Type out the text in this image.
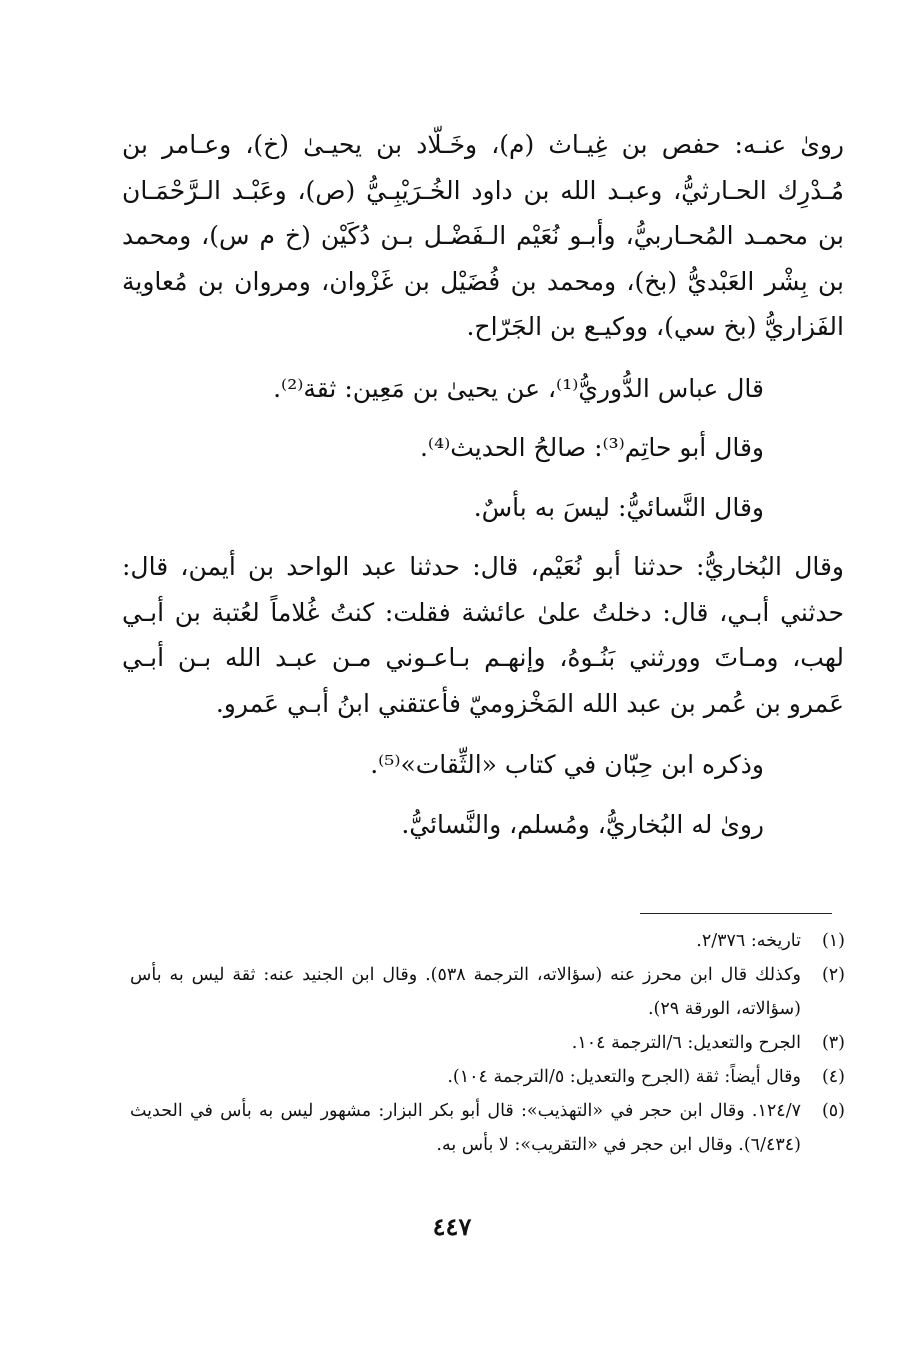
روىٰ عنـه: حفص بن غِيـاث (م)، وخَـلّاد بن يحيـىٰ (خ)، وعـامر بن مُـدْرِك الحـارثيُّ، وعبـد الله بن داود الخُـرَيْبِـيُّ (ص)، وعَبْـد الـرَّحْمَـان بن محمـد المُحـاربيُّ، وأبـو نُعَيْم الـفَضْـل بـن دُكَيْن (خ م س)، ومحمد بن بِشْر العَبْديُّ (بخ)، ومحمد بن فُضَيْل بن غَزْوان، ومروان بن مُعاوية الفَزاريُّ (بخ سي)، ووكيـع بن الجَرّاح.

قال عباس الدُّوريُّ⁽¹⁾، عن يحيىٰ بن مَعِين: ثقة⁽²⁾.

وقال أبو حاتِم⁽³⁾: صالحُ الحديث⁽⁴⁾.

وقال النَّسائيُّ: ليسَ به بأسٌ.

وقال البُخاريُّ: حدثنا أبو نُعَيْم، قال: حدثنا عبد الواحد بن أيمن، قال: حدثني أبـي، قال: دخلتُ علىٰ عائشة فقلت: كنتُ غُلاماً لعُتبة بن أبـي لهب، ومـاتَ وورثني بَنُـوهُ، وإنهـم بـاعـوني مـن عبـد الله بـن أبـي عَمرو بن عُمر بن عبد الله المَخْزوميّ فأعتقني ابنُ أبـي عَمرو.

وذكره ابن حِبّان في كتاب «الثِّقات»⁽⁵⁾.

روىٰ له البُخاريُّ، ومُسلم، والنَّسائيُّ.

(١)
تاريخه: ٢/٣٧٦.
(٢)
وكذلك قال ابن محرز عنه (سؤالاته، الترجمة ٥٣٨). وقال ابن الجنيد عنه: ثقة ليس به بأس (سؤالاته، الورقة ٢٩).
(٣)
الجرح والتعديل: ٦/الترجمة ١٠٤.
(٤)
وقال أيضاً: ثقة (الجرح والتعديل: ٥/الترجمة ١٠٤).
(٥)
١٢٤/٧. وقال ابن حجر في «التهذيب»: قال أبو بكر البزار: مشهور ليس به بأس في الحديث (٦/٤٣٤). وقال ابن حجر في «التقريب»: لا بأس به.
٤٤٧
